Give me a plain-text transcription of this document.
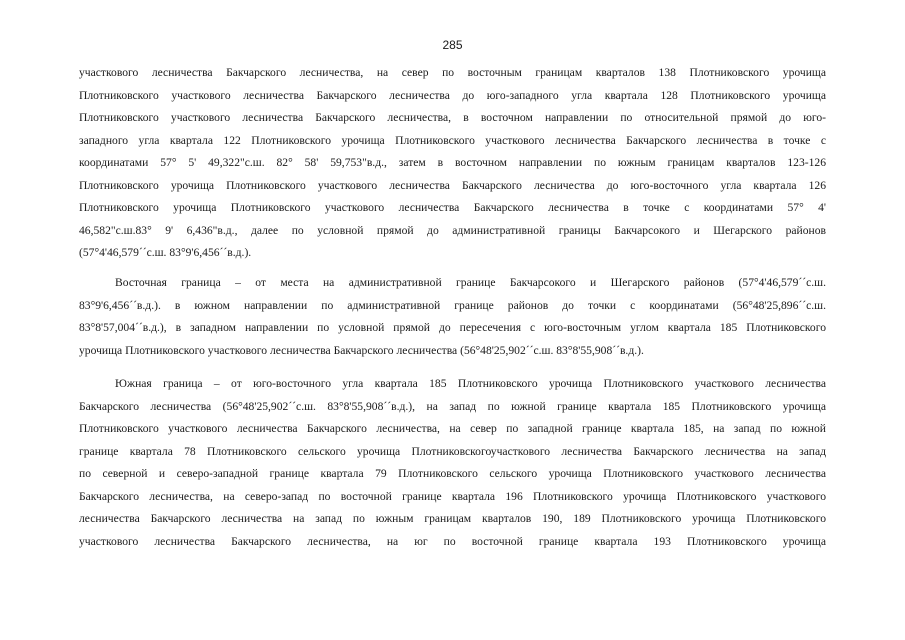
285
участкового лесничества Бакчарского лесничества, на север по восточным границам кварталов 138 Плотниковского урочища
Плотниковского участкового лесничества Бакчарского лесничества до юго-западного угла квартала 128 Плотниковского урочища
Плотниковского участкового лесничества Бакчарского лесничества, в восточном направлении по относительной прямой до юго-
западного угла квартала 122 Плотниковского урочища Плотниковского участкового лесничества Бакчарского лесничества в точке с
координатами 57° 5' 49,322"с.ш. 82° 58' 59,753"в.д., затем в восточном направлении по южным границам кварталов 123-126
Плотниковского урочища Плотниковского участкового лесничества Бакчарского лесничества до юго-восточного угла квартала 126
Плотниковского урочища Плотниковского участкового лесничества Бакчарского лесничества в точке с координатами 57° 4'
46,582"с.ш.83° 9' 6,436"в.д., далее по условной прямой до административной границы Бакчарсокого и Шегарского районов
(57°4'46,579´´с.ш. 83°9'6,456´´в.д.).
Восточная граница – от места на административной границе Бакчарсокого и Шегарского районов (57°4'46,579´´с.ш.
83°9'6,456´´в.д.). в южном направлении по административной границе районов до точки с координатами (56°48'25,896´´с.ш.
83°8'57,004´´в.д.), в западном направлении по условной прямой до пересечения с юго-восточным углом квартала 185 Плотниковского
урочища Плотниковского участкового лесничества Бакчарского лесничества (56°48'25,902´´с.ш. 83°8'55,908´´в.д.).
Южная граница – от юго-восточного угла квартала 185 Плотниковского урочища Плотниковского участкового лесничества
Бакчарского лесничества (56°48'25,902´´с.ш. 83°8'55,908´´в.д.), на запад по южной границе квартала 185 Плотниковского урочища
Плотниковского участкового лесничества Бакчарского лесничества, на север по западной границе квартала 185, на запад по южной
границе квартала 78 Плотниковского сельского урочища Плотниковскогоучасткового лесничества Бакчарского лесничества на запад
по северной и северо-западной границе квартала 79 Плотниковского сельского урочища Плотниковского участкового лесничества
Бакчарского лесничества, на северо-запад по восточной границе квартала 196 Плотниковского урочища Плотниковского участкового
лесничества Бакчарского лесничества на запад по южным границам кварталов 190, 189 Плотниковского урочища Плотниковского
участкового лесничества Бакчарского лесничества, на юг по восточной границе квартала 193 Плотниковского урочища
